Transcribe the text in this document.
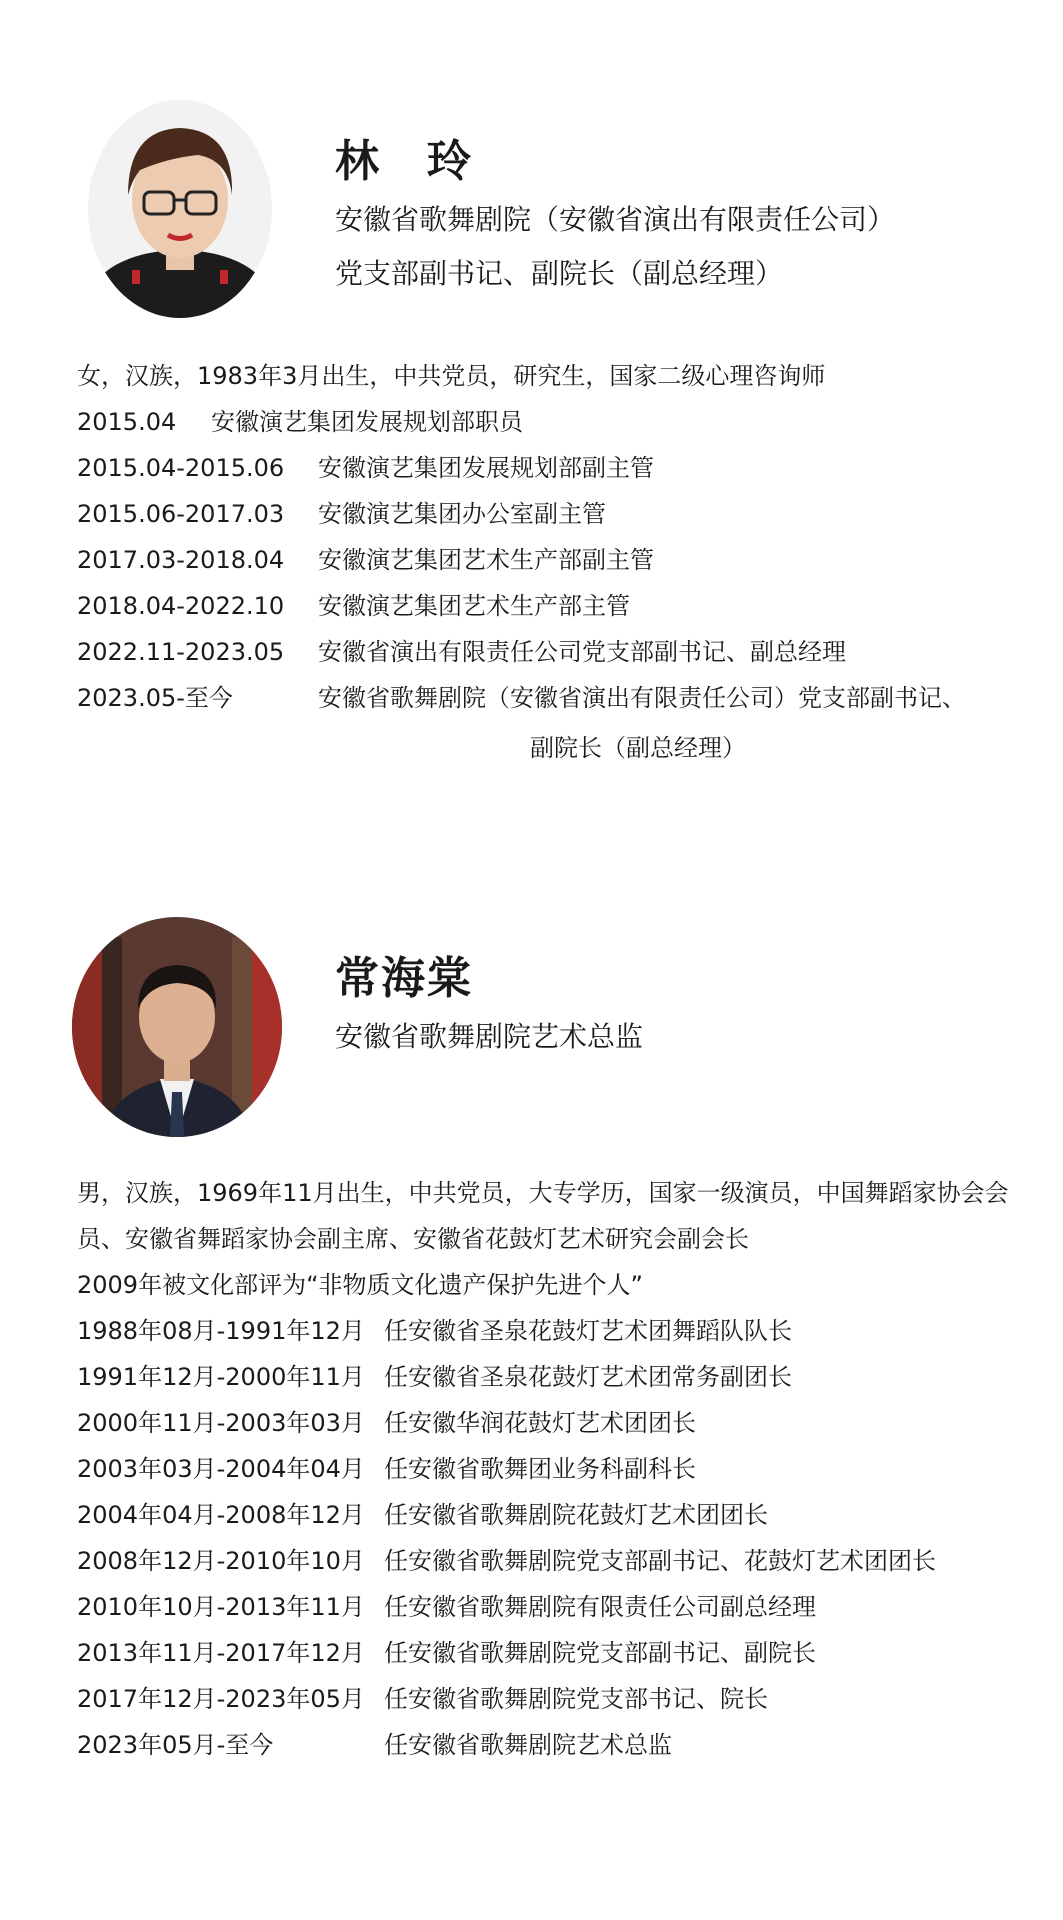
林　玲

安徽省歌舞剧院（安徽省演出有限责任公司）

党支部副书记、副院长（副总经理）

女，汉族，1983年3月出生，中共党员，研究生，国家二级心理咨询师

2015.04 安徽演艺集团发展规划部职员
2015.04-2015.06 安徽演艺集团发展规划部副主管
2015.06-2017.03 安徽演艺集团办公室副主管
2017.03-2018.04 安徽演艺集团艺术生产部副主管
2018.04-2022.10 安徽演艺集团艺术生产部主管
2022.11-2023.05 安徽省演出有限责任公司党支部副书记、副总经理
2023.05-至今	安徽省歌舞剧院（安徽省演出有限责任公司）党支部副书记、
副院长（副总经理）
常海棠

安徽省歌舞剧院艺术总监

男，汉族，1969年11月出生，中共党员，大专学历，国家一级演员，中国舞蹈家协会会员、安徽省舞蹈家协会副主席、安徽省花鼓灯艺术研究会副会长

2009年被文化部评为“非物质文化遗产保护先进个人”

1988年08月-1991年12月 任安徽省圣泉花鼓灯艺术团舞蹈队队长
1991年12月-2000年11月 任安徽省圣泉花鼓灯艺术团常务副团长
2000年11月-2003年03月 任安徽华润花鼓灯艺术团团长
2003年03月-2004年04月 任安徽省歌舞团业务科副科长
2004年04月-2008年12月 任安徽省歌舞剧院花鼓灯艺术团团长
2008年12月-2010年10月 任安徽省歌舞剧院党支部副书记、花鼓灯艺术团团长
2010年10月-2013年11月 任安徽省歌舞剧院有限责任公司副总经理
2013年11月-2017年12月 任安徽省歌舞剧院党支部副书记、副院长
2017年12月-2023年05月 任安徽省歌舞剧院党支部书记、院长
2023年05月-至今	任安徽省歌舞剧院艺术总监
